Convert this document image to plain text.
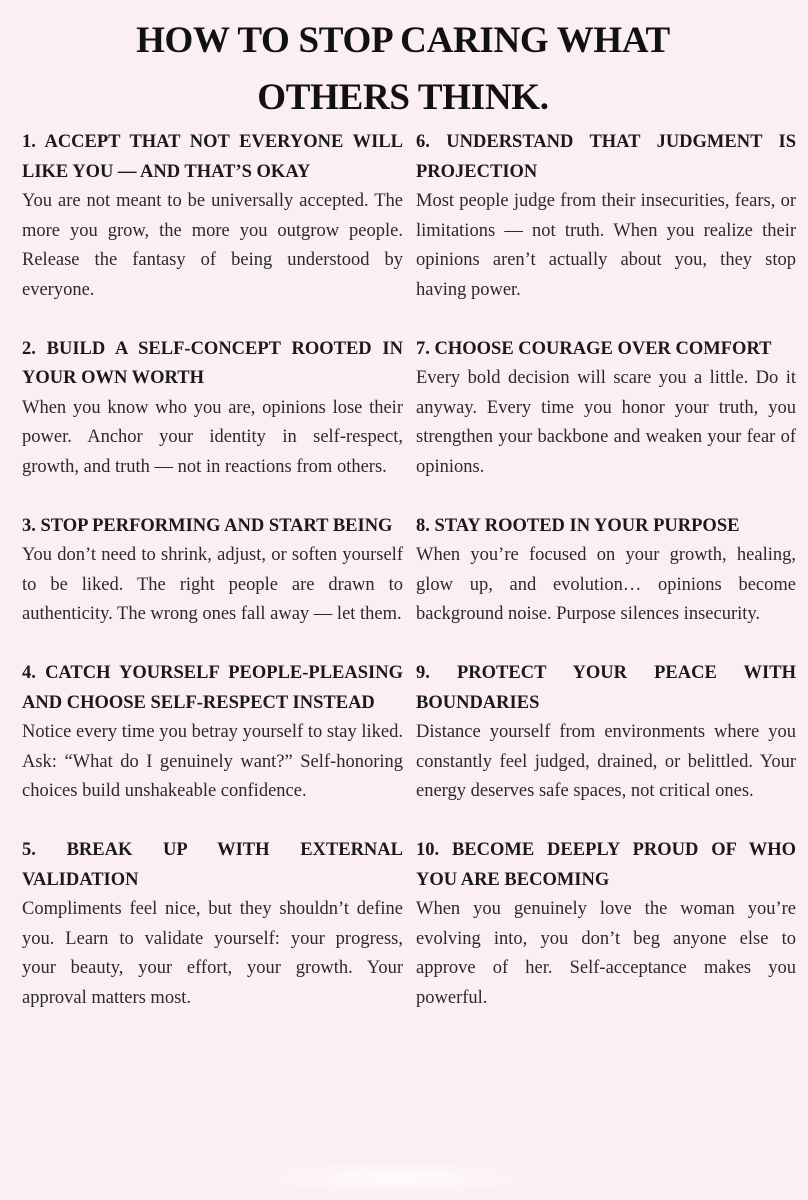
HOW TO STOP CARING WHAT
OTHERS THINK.
1. ACCEPT THAT NOT EVERYONE WILL LIKE YOU — AND THAT’S OKAY
You are not meant to be universally accepted. The more you grow, the more you outgrow people. Release the fantasy of being understood by everyone.
2. BUILD A SELF-CONCEPT ROOTED IN YOUR OWN WORTH
When you know who you are, opinions lose their power. Anchor your identity in self-respect, growth, and truth — not in reactions from others.
3. STOP PERFORMING AND START BEING
You don’t need to shrink, adjust, or soften yourself to be liked. The right people are drawn to authenticity. The wrong ones fall away — let them.
4. CATCH YOURSELF PEOPLE-PLEASING AND CHOOSE SELF-RESPECT INSTEAD
Notice every time you betray yourself to stay liked. Ask: “What do I genuinely want?” Self-honoring choices build unshakeable confidence.
5. BREAK UP WITH EXTERNAL VALIDATION
Compliments feel nice, but they shouldn’t define you. Learn to validate yourself: your progress, your beauty, your effort, your growth. Your approval matters most.
6. UNDERSTAND THAT JUDGMENT IS PROJECTION
Most people judge from their insecurities, fears, or limitations — not truth. When you realize their opinions aren’t actually about you, they stop having power.
7. CHOOSE COURAGE OVER COMFORT
Every bold decision will scare you a little. Do it anyway. Every time you honor your truth, you strengthen your backbone and weaken your fear of opinions.
8. STAY ROOTED IN YOUR PURPOSE
When you’re focused on your growth, healing, glow up, and evolution… opinions become background noise. Purpose silences insecurity.
9. PROTECT YOUR PEACE WITH BOUNDARIES
Distance yourself from environments where you constantly feel judged, drained, or belittled. Your energy deserves safe spaces, not critical ones.
10. BECOME DEEPLY PROUD OF WHO YOU ARE BECOMING
When you genuinely love the woman you’re evolving into, you don’t beg anyone else to approve of her. Self-acceptance makes you powerful.
